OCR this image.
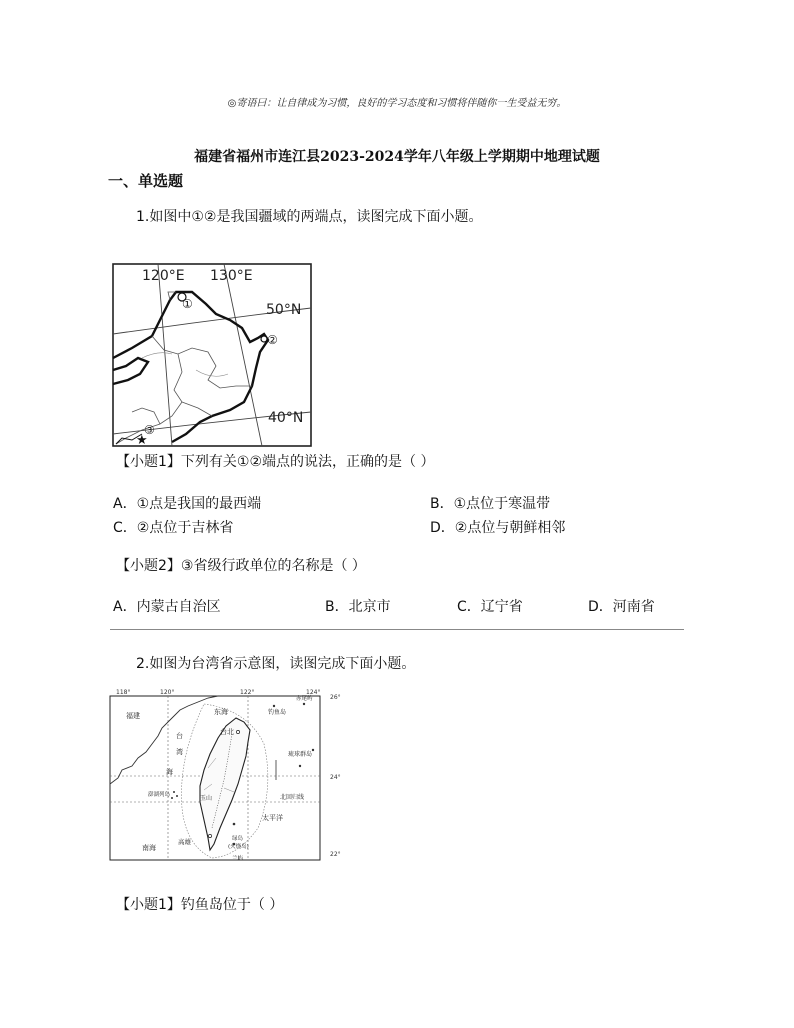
◎寄语曰：让自律成为习惯，良好的学习态度和习惯将伴随你一生受益无穷。
福建省福州市连江县2023-2024学年八年级上学期期中地理试题
一、单选题
1.如图中①②是我国疆域的两端点，读图完成下面小题。
120°E 130°E
50°N
40°N
①
②
③
★
【小题1】下列有关①②端点的说法，正确的是（ ）
A．①点是我国的最西端	B．①点位于寒温带
C．②点位于吉林省	D．②点位与朝鲜相邻
【小题2】③省级行政单位的名称是（ ）
A．内蒙古自治区	B．北京市	C．辽宁省	D．河南省
2.如图为台湾省示意图，读图完成下面小题。
118°	120°	122°	124°
26°
24°
22°
福建	东海
台北
钓鱼岛
赤尾屿
台
湾
海
澎湖列岛	玉山
琉球群岛
北回归线
太平洋
南海
高雄	绿岛
(火烧岛)
兰屿
【小题1】钓鱼岛位于（ ）
